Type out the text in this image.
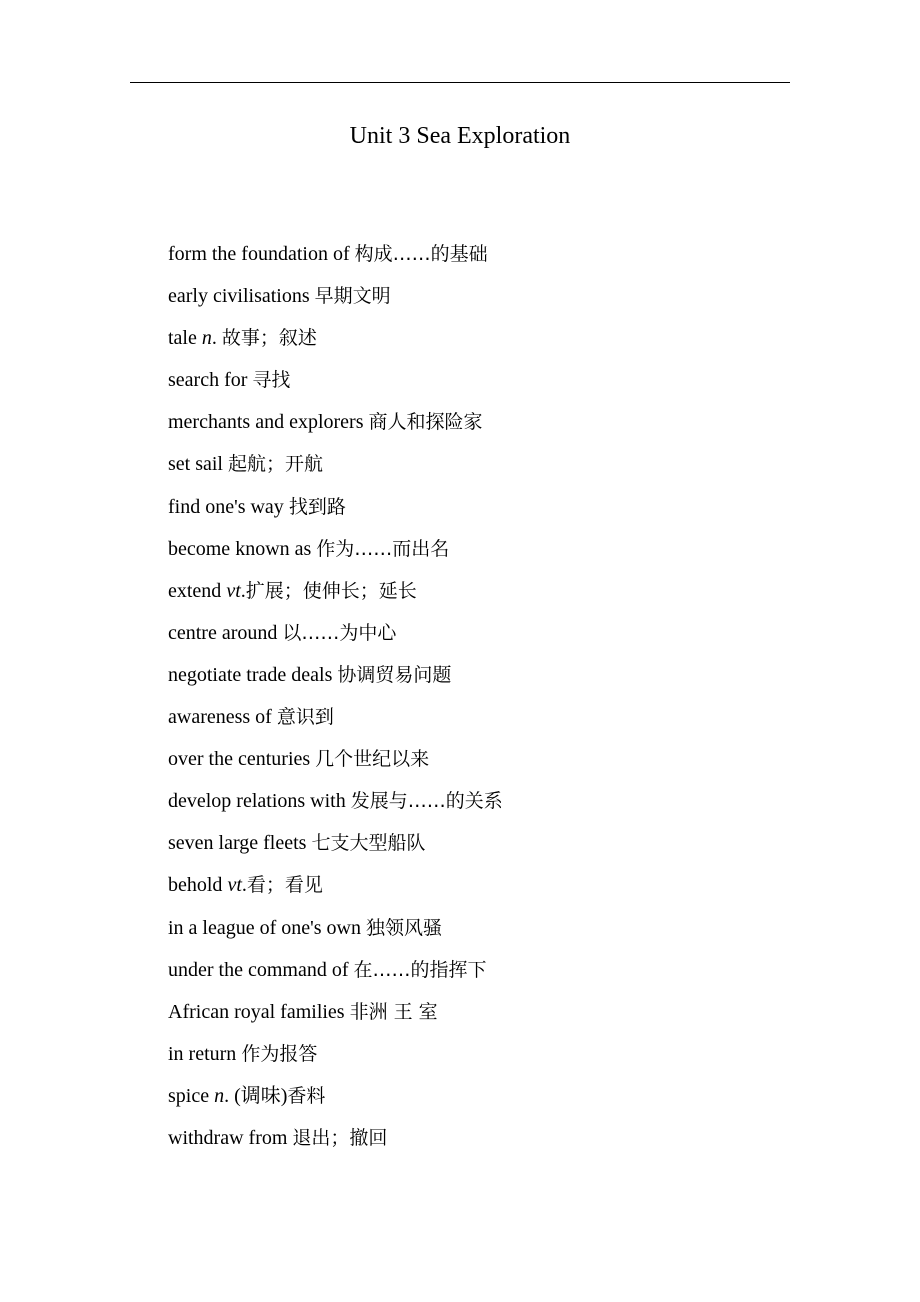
Unit 3 Sea Exploration
form the foundation of 构成……的基础
early civilisations 早期文明
tale n. 故事；叙述
search for 寻找
merchants and explorers 商人和探险家
set sail 起航；开航
find one's way 找到路
become known as 作为……而出名
extend vt.扩展；使伸长；延长
centre around 以……为中心
negotiate trade deals 协调贸易问题
awareness of 意识到
over the centuries 几个世纪以来
develop relations with 发展与……的关系
seven large fleets 七支大型船队
behold vt.看；看见
in a league of one's own 独领风骚
under the command of 在……的指挥下
African royal families 非洲 王 室
in return 作为报答
spice n. (调味)香料
withdraw from 退出；撤回
